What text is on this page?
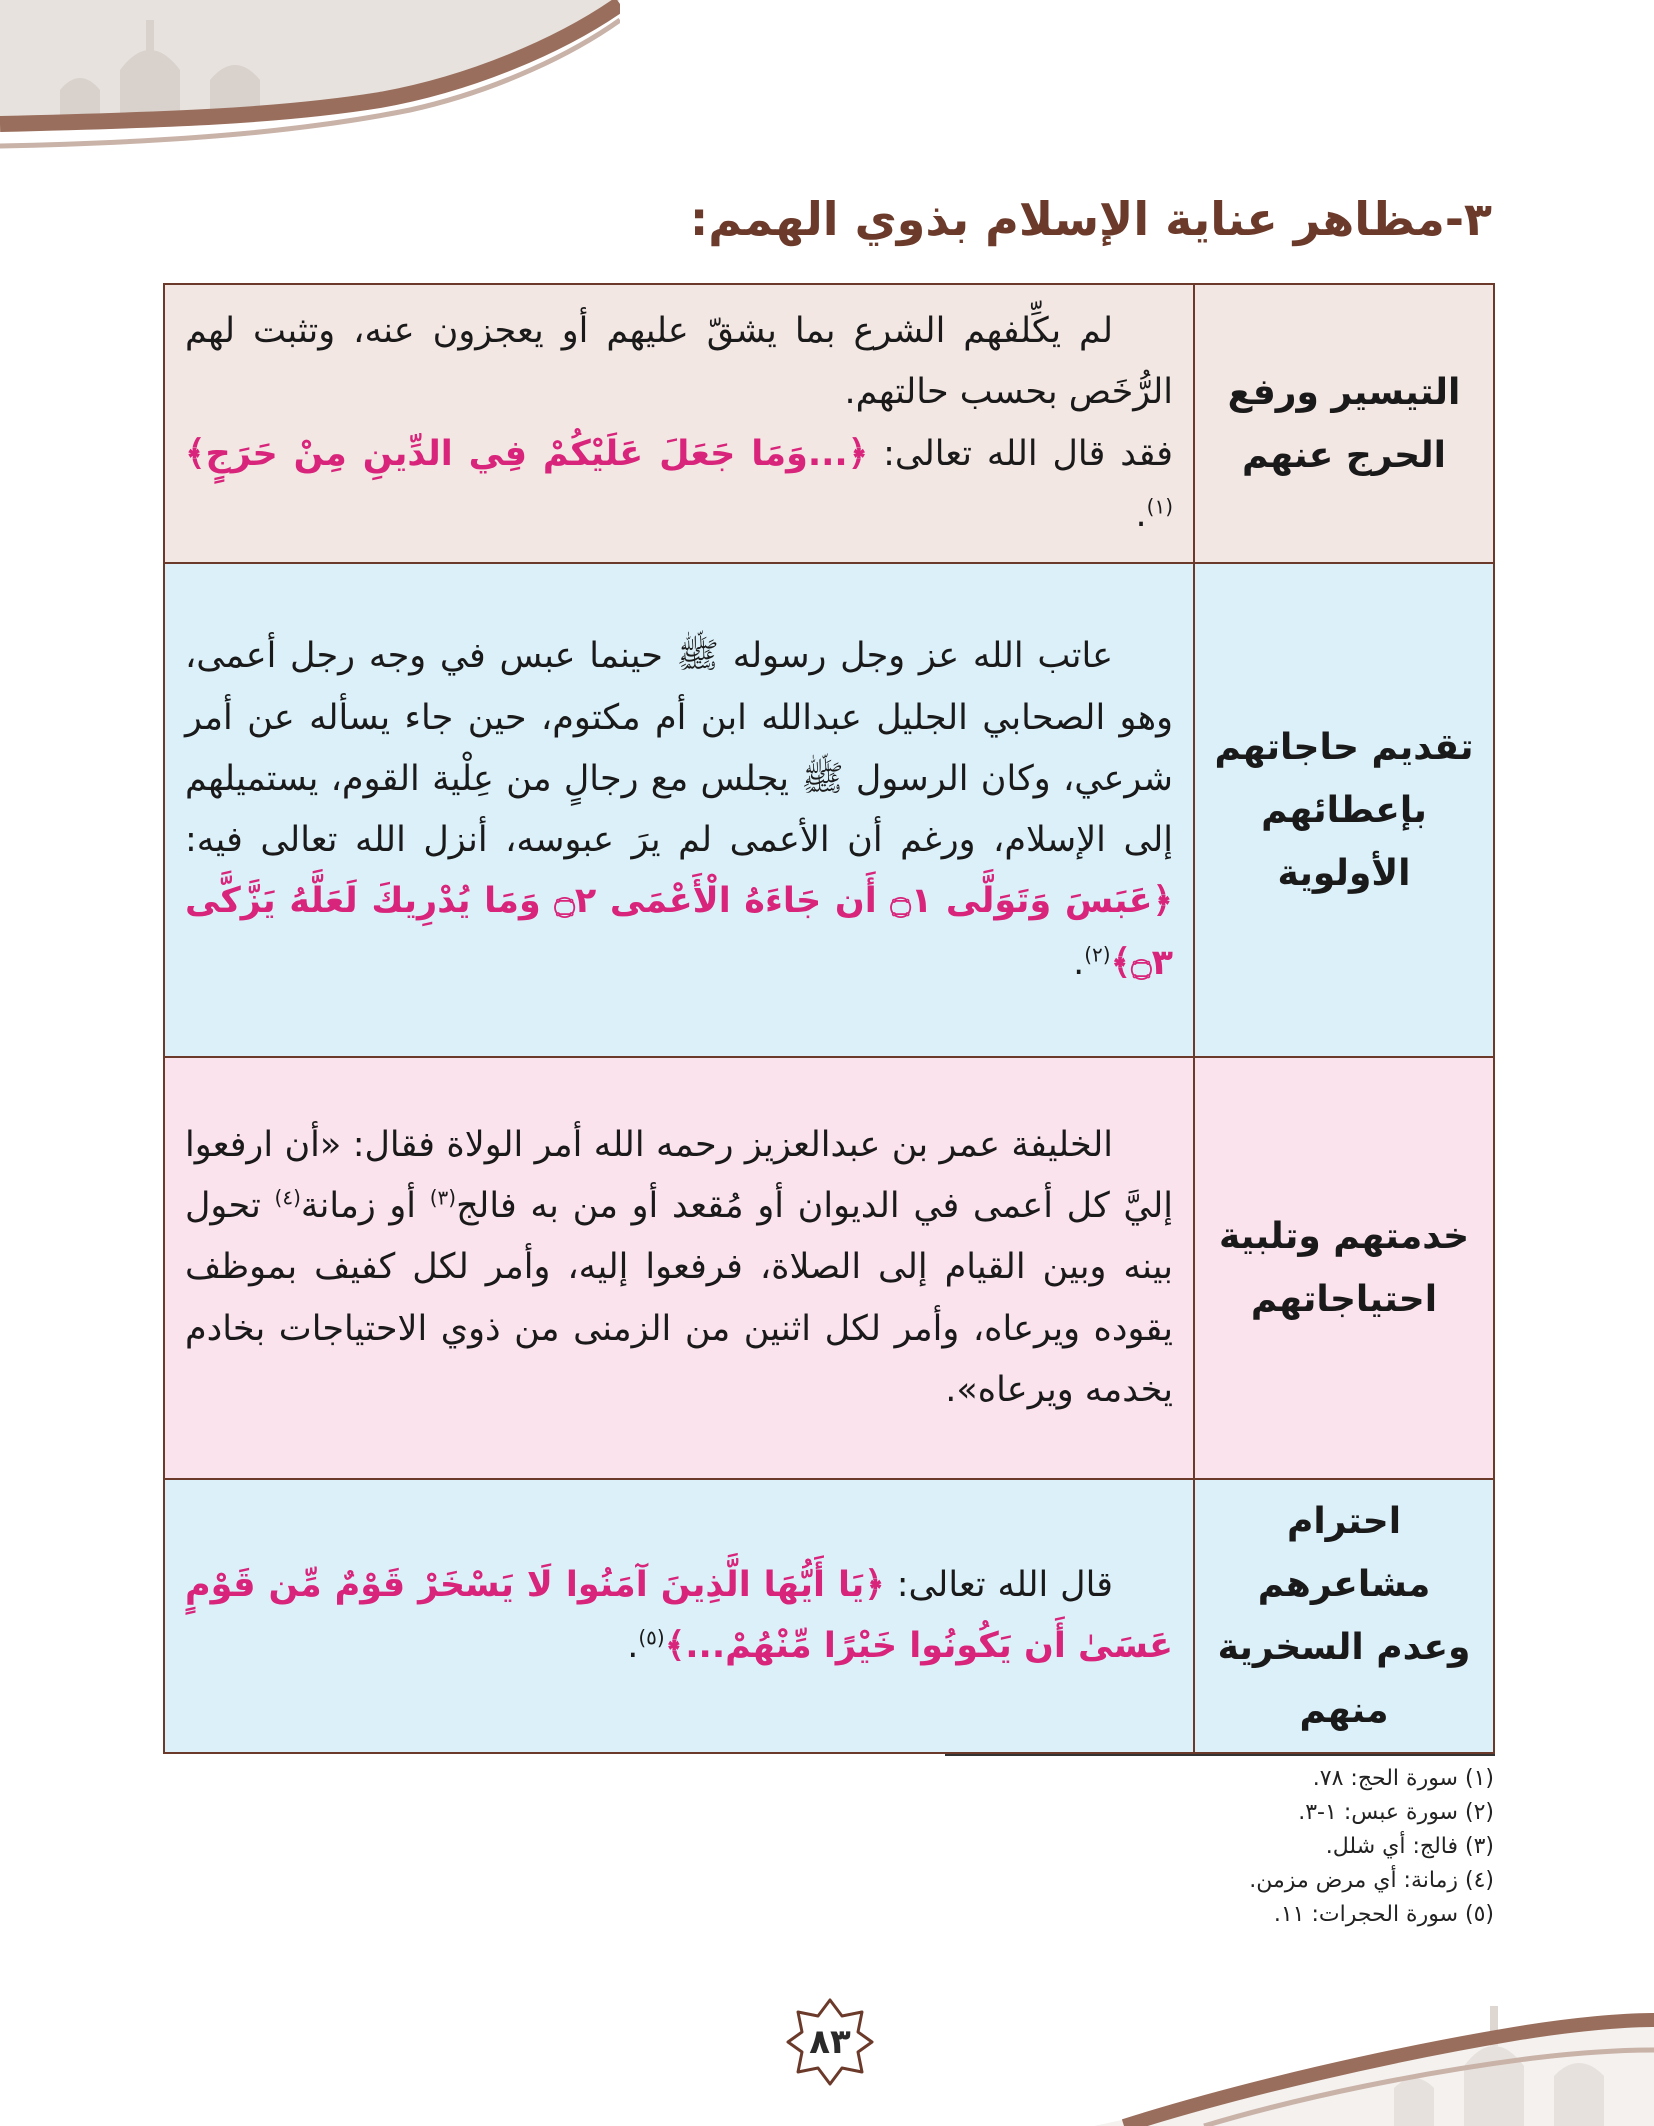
٣-مظاهر عناية الإسلام بذوي الهمم:
التيسير ورفع الحرج عنهم	لم يكِّلفهم الشرع بما يشقّ عليهم أو يعجزون عنه، وتثبت لهم الرُّخَص بحسب حالتهم.
فقد قال الله تعالى: ﴿...وَمَا جَعَلَ عَلَيْكُمْ فِي الدِّينِ مِنْ حَرَجٍ﴾$^{(١)}$.

تقديم حاجاتهم بإعطائهم الأولوية	عاتب الله عز وجل رسوله ﷺ حينما عبس في وجه رجل أعمى، وهو الصحابي الجليل عبدالله ابن أم مكتوم، حين جاء يسأله عن أمر شرعي، وكان الرسول ﷺ يجلس مع رجالٍ من عِلْية القوم، يستميلهم إلى الإسلام، ورغم أن الأعمى لم يرَ عبوسه، أنزل الله تعالى فيه: ﴿عَبَسَ وَتَوَلَّى ۝١ أَن جَاءَهُ الْأَعْمَى ۝٢ وَمَا يُدْرِيكَ لَعَلَّهُ يَزَّكَّى ۝٣﴾$^{(٢)}$.

خدمتهم وتلبية احتياجاتهم	الخليفة عمر بن عبدالعزيز رحمه الله أمر الولاة فقال: «أن ارفعوا إليَّ كل أعمى في الديوان أو مُقعد أو من به فالج$^{(٣)}$ أو زمانة$^{(٤)}$ تحول بينه وبين القيام إلى الصلاة، فرفعوا إليه، وأمر لكل كفيف بموظف يقوده ويرعاه، وأمر لكل اثنين من الزمنى من ذوي الاحتياجات بخادم يخدمه ويرعاه».

احترام مشاعرهم وعدم السخرية منهم	قال الله تعالى: ﴿يَا أَيُّهَا الَّذِينَ آمَنُوا لَا يَسْخَرْ قَوْمٌ مِّن قَوْمٍ عَسَىٰ أَن يَكُونُوا خَيْرًا مِّنْهُمْ...﴾$^{(٥)}$.

(١) سورة الحج: ٧٨.
(٢) سورة عبس: ١-٣.
(٣) فالج: أي شلل.
(٤) زمانة: أي مرض مزمن.
(٥) سورة الحجرات: ١١.
٨٣
